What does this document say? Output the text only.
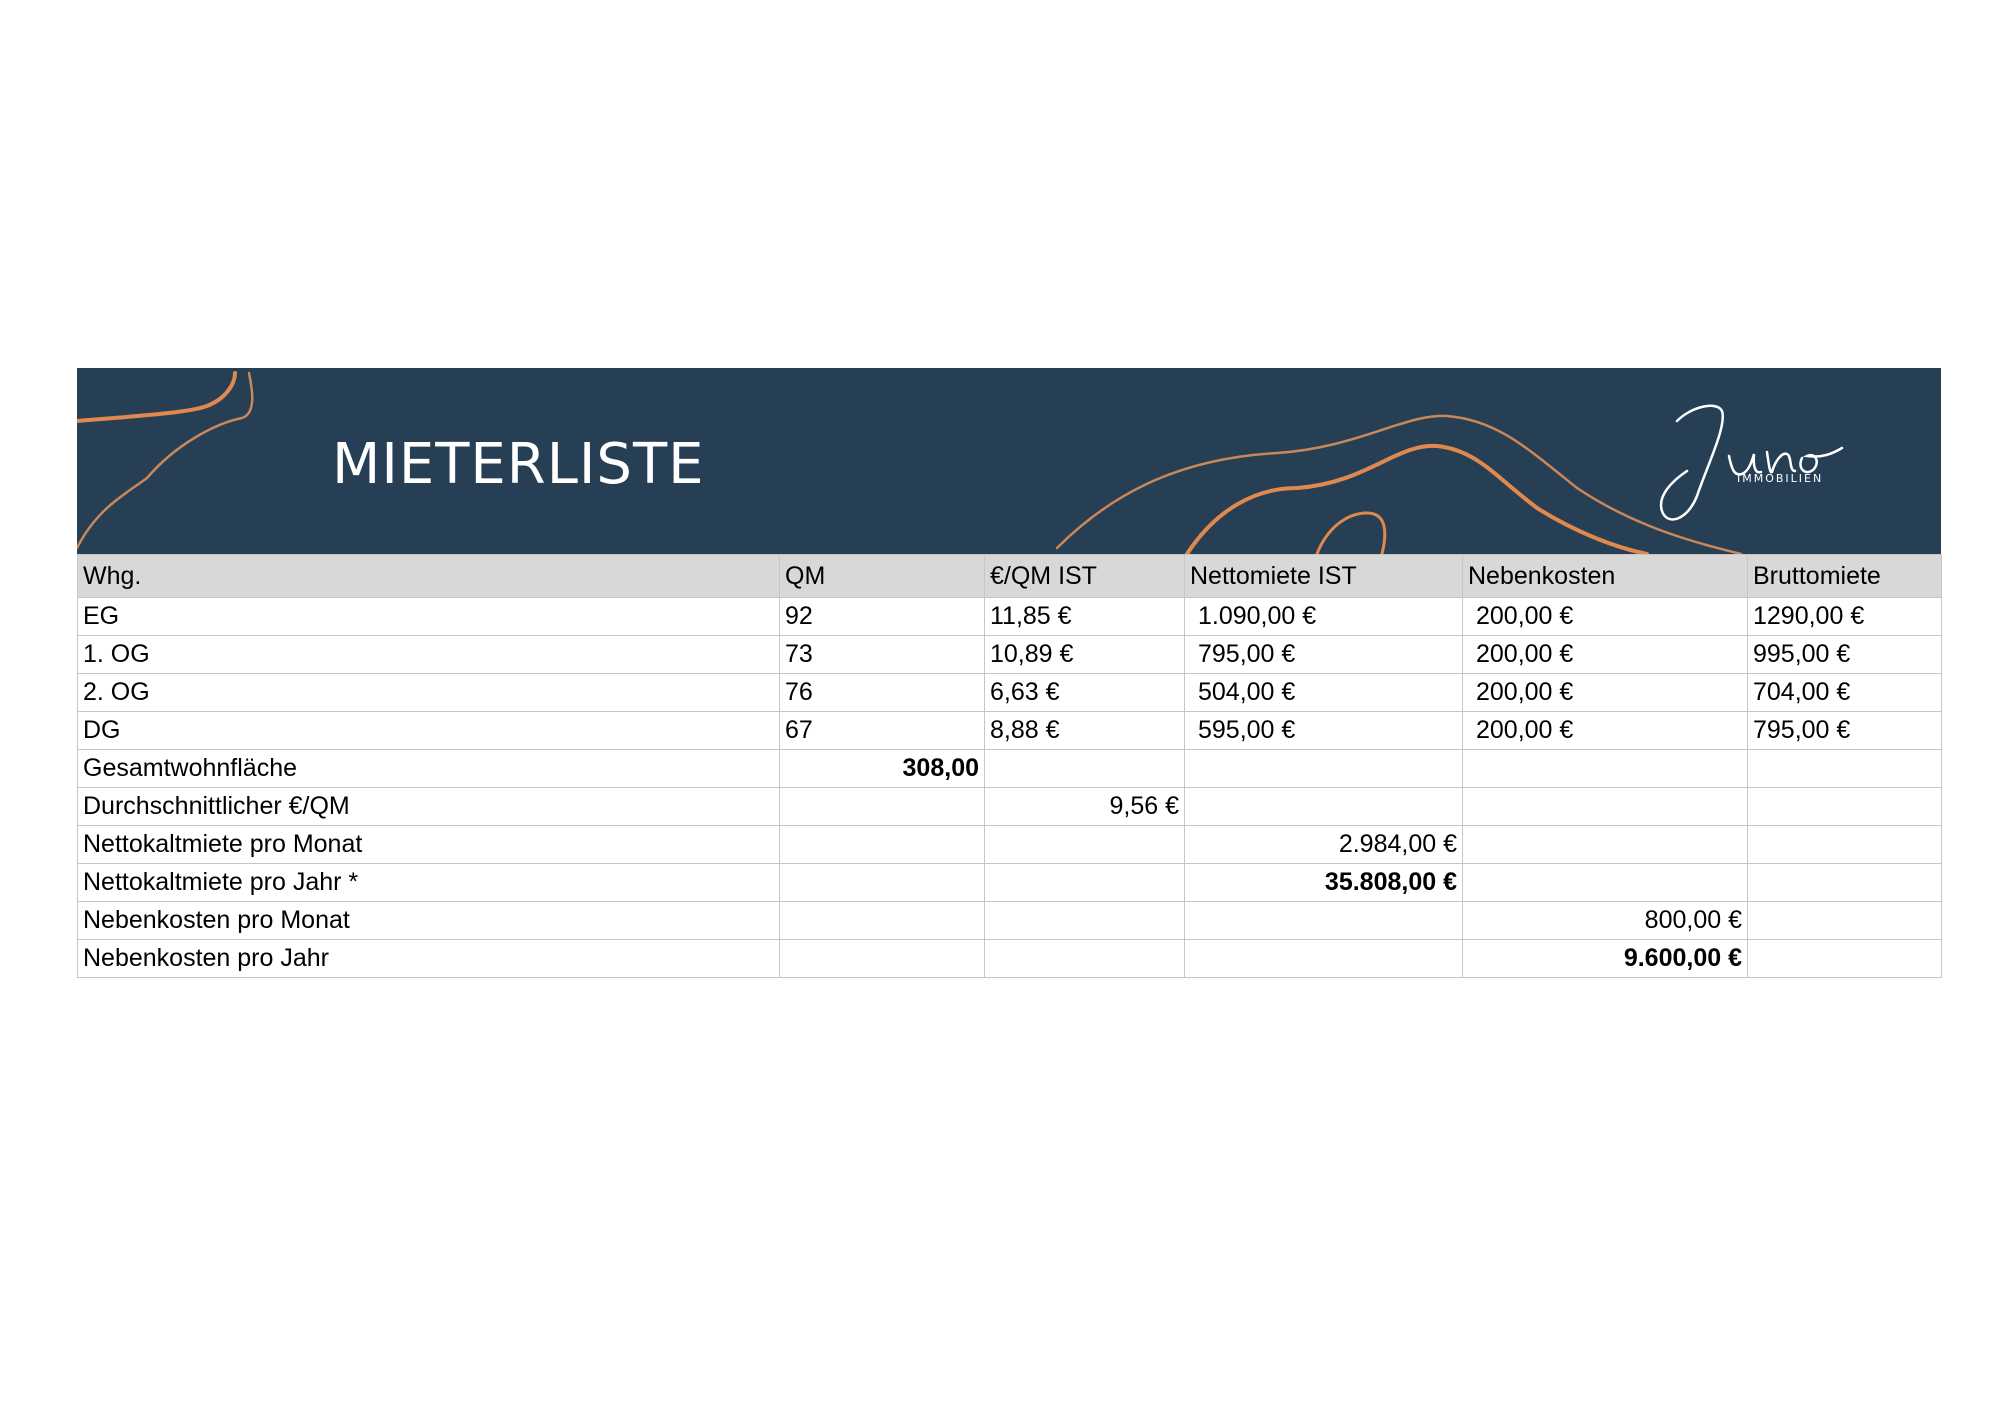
MIETERLISTE	IMMOBILIEN
Whg.	QM	€/QM IST	Nettomiete IST	Nebenkosten	Bruttomiete
EG	92	11,85 €	1.090,00 €	200,00 €	1290,00 €
1. OG	73	10,89 €	795,00 €	200,00 €	995,00 €
2. OG	76	6,63 €	504,00 €	200,00 €	704,00 €
DG	67	8,88 €	595,00 €	200,00 €	795,00 €
Gesamtwohnfläche	308,00				
Durchschnittlicher €/QM		9,56 €			
Nettokaltmiete pro Monat			2.984,00 €		
Nettokaltmiete pro Jahr *			35.808,00 €		
Nebenkosten pro Monat				800,00 €	
Nebenkosten pro Jahr				9.600,00 €	
